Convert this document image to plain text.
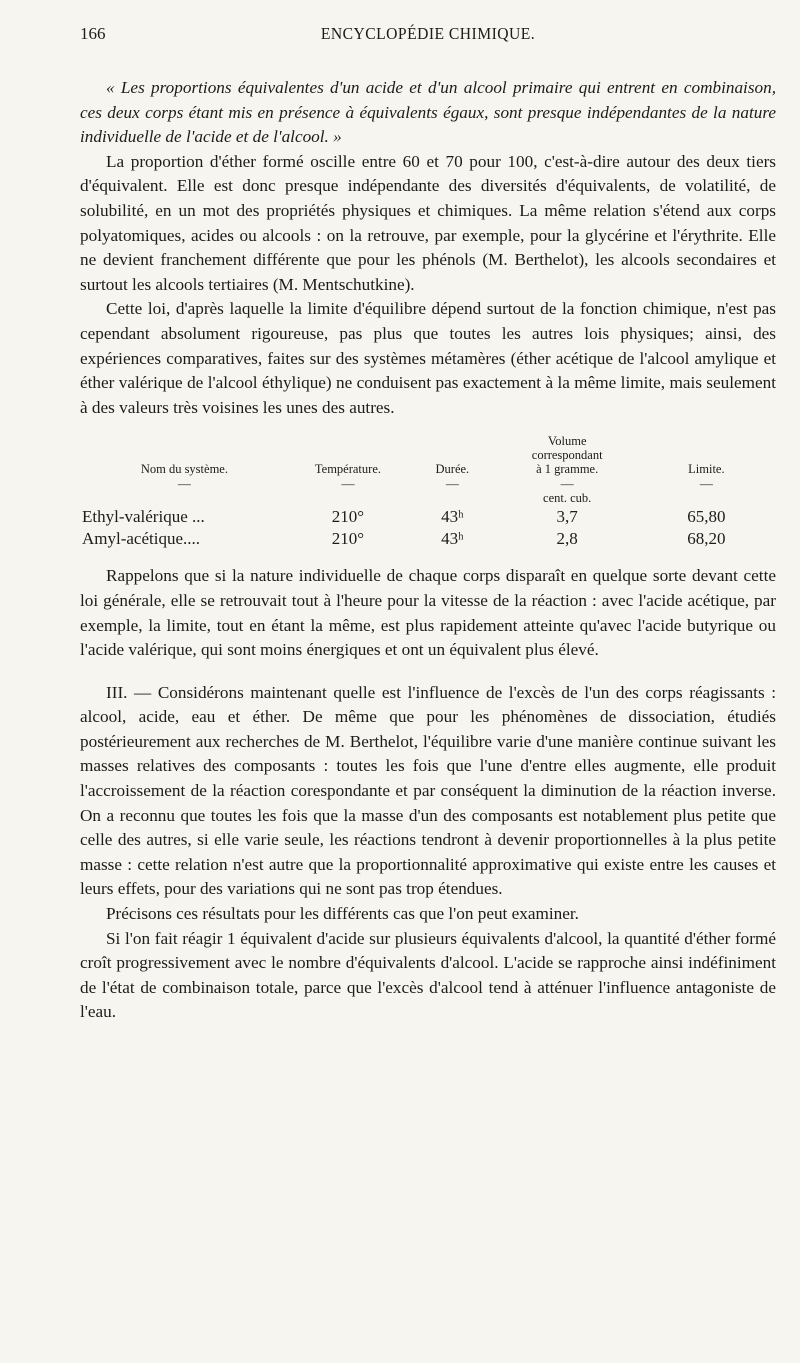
166	ENCYCLOPÉDIE CHIMIQUE.

« Les proportions équivalentes d'un acide et d'un alcool primaire qui entrent en combinaison, ces deux corps étant mis en présence à équivalents égaux, sont presque indépendantes de la nature individuelle de l'acide et de l'alcool. »

La proportion d'éther formé oscille entre 60 et 70 pour 100, c'est-à-dire autour des deux tiers d'équivalent. Elle est donc presque indépendante des diversités d'équivalents, de volatilité, de solubilité, en un mot des propriétés physiques et chimiques. La même relation s'étend aux corps polyatomiques, acides ou alcools : on la retrouve, par exemple, pour la glycérine et l'érythrite. Elle ne devient franchement différente que pour les phénols (M. Berthelot), les alcools secondaires et surtout les alcools tertiaires (M. Mentschutkine).

Cette loi, d'après laquelle la limite d'équilibre dépend surtout de la fonction chimique, n'est pas cependant absolument rigoureuse, pas plus que toutes les autres lois physiques; ainsi, des expériences comparatives, faites sur des systèmes métamères (éther acétique de l'alcool amylique et éther valérique de l'alcool éthylique) ne conduisent pas exactement à la même limite, mais seulement à des valeurs très voisines les unes des autres.

Nom du système.	Température.	Durée.	Volume
correspondant
à 1 gramme.	Limite.
—	—	—	—	—
			cent. cub.	
Ethyl-valérique ...	210°	43ʰ	3,7	65,80
Amyl-acétique....	210°	43ʰ	2,8	68,20

Rappelons que si la nature individuelle de chaque corps disparaît en quelque sorte devant cette loi générale, elle se retrouvait tout à l'heure pour la vitesse de la réaction : avec l'acide acétique, par exemple, la limite, tout en étant la même, est plus rapidement atteinte qu'avec l'acide butyrique ou l'acide valérique, qui sont moins énergiques et ont un équivalent plus élevé.

III. — Considérons maintenant quelle est l'influence de l'excès de l'un des corps réagissants : alcool, acide, eau et éther. De même que pour les phénomènes de dissociation, étudiés postérieurement aux recherches de M. Berthelot, l'équilibre varie d'une manière continue suivant les masses relatives des composants : toutes les fois que l'une d'entre elles augmente, elle produit l'accroissement de la réaction corespondante et par conséquent la diminution de la réaction inverse. On a reconnu que toutes les fois que la masse d'un des composants est notablement plus petite que celle des autres, si elle varie seule, les réactions tendront à devenir proportionnelles à la plus petite masse : cette relation n'est autre que la proportionnalité approximative qui existe entre les causes et leurs effets, pour des variations qui ne sont pas trop étendues.

Précisons ces résultats pour les différents cas que l'on peut examiner.

Si l'on fait réagir 1 équivalent d'acide sur plusieurs équivalents d'alcool, la quantité d'éther formé croît progressivement avec le nombre d'équivalents d'alcool. L'acide se rapproche ainsi indéfiniment de l'état de combinaison totale, parce que l'excès d'alcool tend à atténuer l'influence antagoniste de l'eau.
